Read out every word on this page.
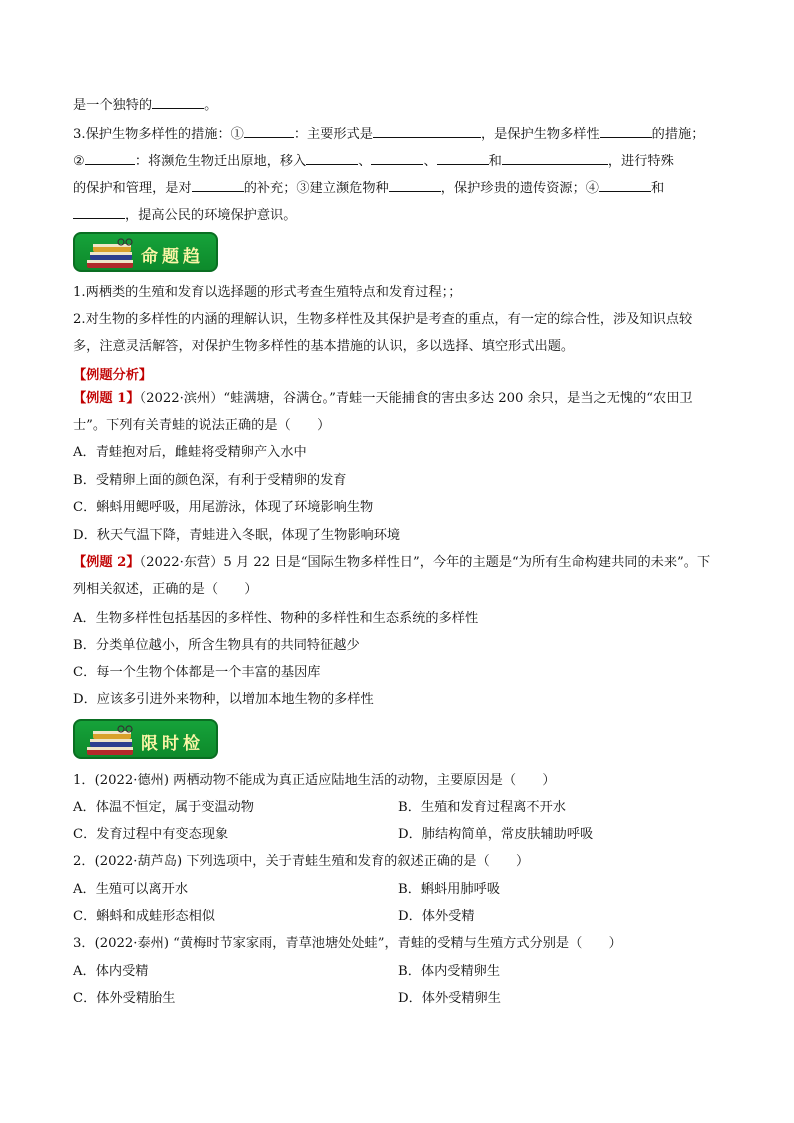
是一个独特的	。
3.保护生物多样性的措施：①	：主要形式是	，是保护生物多样性	的措施；
②	：将濒危生物迁出原地，移入	、	、	和	，进行特殊
的保护和管理，是对	的补充；③建立濒危物种	，保护珍贵的遗传资源；④	和
，提高公民的环境保护意识。
命题趋
1.两栖类的生殖和发育以选择题的形式考查生殖特点和发育过程；；
2.对生物的多样性的内涵的理解认识，生物多样性及其保护是考查的重点，有一定的综合性，涉及知识点较
多，注意灵活解答，对保护生物多样性的基本措施的认识，多以选择、填空形式出题。
【例题分析】
【例题 1】（2022·滨州）“蛙满塘，谷满仓。”青蛙一天能捕食的害虫多达 200 余只，是当之无愧的“农田卫
士”。下列有关青蛙的说法正确的是（　　）
A．青蛙抱对后，雌蛙将受精卵产入水中
B．受精卵上面的颜色深，有利于受精卵的发育
C．蝌蚪用鳃呼吸，用尾游泳，体现了环境影响生物
D．秋天气温下降，青蛙进入冬眠，体现了生物影响环境
【例题 2】（2022·东营）5 月 22 日是“国际生物多样性日”，今年的主题是“为所有生命构建共同的未来”。下
列相关叙述，正确的是（　　）
A．生物多样性包括基因的多样性、物种的多样性和生态系统的多样性
B．分类单位越小，所含生物具有的共同特征越少
C．每一个生物个体都是一个丰富的基因库
D．应该多引进外来物种，以增加本地生物的多样性
限时检
1．(2022·德州) 两栖动物不能成为真正适应陆地生活的动物，主要原因是（　　）
A．体温不恒定，属于变温动物	B．生殖和发育过程离不开水
C．发育过程中有变态现象	D．肺结构简单，常皮肤辅助呼吸
2．(2022·葫芦岛) 下列选项中，关于青蛙生殖和发育的叙述正确的是（　　）
A．生殖可以离开水	B．蝌蚪用肺呼吸
C．蝌蚪和成蛙形态相似	D．体外受精
3．(2022·泰州) “黄梅时节家家雨，青草池塘处处蛙”，青蛙的受精与生殖方式分别是（　　）
A．体内受精	B．体内受精卵生
C．体外受精胎生	D．体外受精卵生
